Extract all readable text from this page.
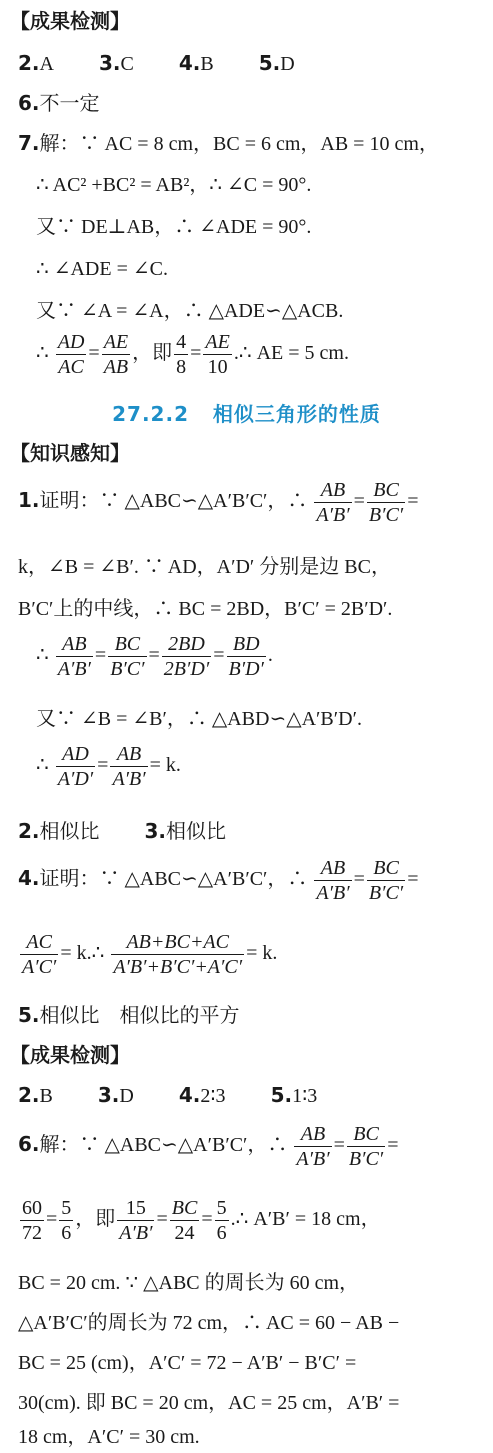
【成果检测】
2.A 3.C 4.B 5.D
6.不一定
7.解：∵ AC = 8 cm，BC = 6 cm，AB = 10 cm，
∴ AC² +BC² = AB²，∴ ∠C = 90°.
又∵ DE⊥AB，∴ ∠ADE = 90°.
∴ ∠ADE = ∠C.
又∵ ∠A = ∠A，∴ △ADE∽△ACB.
∴ $\frac{AD}{AC} = \frac{AE}{AB}$ ，即 $\frac{4}{8} = \frac{AE}{10}$ .∴ AE = 5 cm.
27.2.2 相似三角形的性质
【知识感知】
1.证明：∵ △ABC∽△A′B′C′，∴ $\frac{AB}{A'B'} = \frac{BC}{B'C'}$ =
k，∠B = ∠B′. ∵ AD，A′D′ 分别是边 BC，
B′C′上的中线，∴ BC = 2BD，B′C′ = 2B′D′.
∴ $\frac{AB}{A'B'} = \frac{BC}{B'C'} = \frac{2BD}{2B'D'} = \frac{BD}{B'D'}$ .
又∵ ∠B = ∠B′，∴ △ABD∽△A′B′D′.
∴ $\frac{AD}{A'D'} = \frac{AB}{A'B'} = k$.
2.相似比 3.相似比
4.证明：∵ △ABC∽△A′B′C′，∴ $\frac{AB}{A'B'} = \frac{BC}{B'C'}$ =
$\frac{AC}{A'C'}$ = k.∴ $\frac{AB+BC+AC}{A'B'+B'C'+A'C'} = k$.
5.相似比　相似比的平方
【成果检测】
2.B 3.D 4.2∶3 5.1∶3
6.解：∵ △ABC∽△A′B′C′，∴ $\frac{AB}{A'B'} = \frac{BC}{B'C'}$ =
$\frac{60}{72} = \frac{5}{6}$ ，即 $\frac{15}{A'B'} = \frac{BC}{24} = \frac{5}{6}$ .∴ A′B′ = 18 cm，
BC = 20 cm. ∵ △ABC 的周长为 60 cm，
△A′B′C′的周长为 72 cm，∴ AC = 60 − AB −
BC = 25 (cm)，A′C′ = 72 − A′B′ − B′C′ =
30(cm). 即 BC = 20 cm，AC = 25 cm，A′B′ =
18 cm，A′C′ = 30 cm.
